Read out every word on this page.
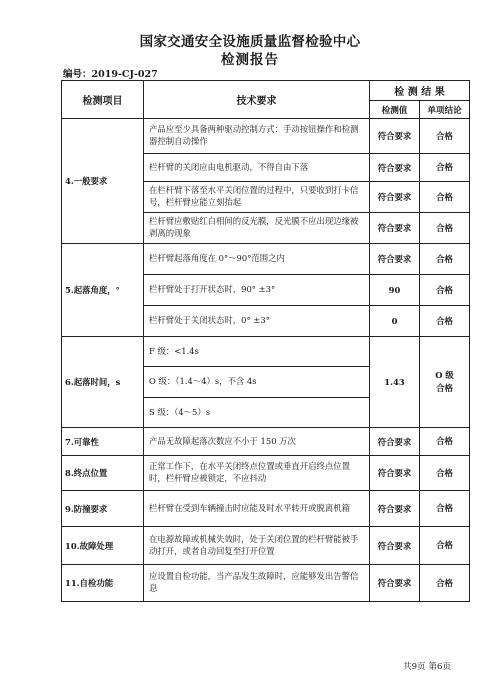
国家交通安全设施质量监督检验中心
检测报告
编号：2019-CJ-027
检测项目	技术要求	检 测 结 果	
		检测值	单项结论
4.一般要求	产品应至少具备两种驱动控制方式：手动按钮操作和检测器控制自动操作	符合要求	合格
	栏杆臂的关闭应由电机驱动，不得自由下落	符合要求	合格
	在栏杆臂下落至水平关闭位置的过程中，只要收到打卡信号，栏杆臂应能立刻抬起	符合要求	合格
	栏杆臂应敷贴红白相间的反光膜，反光膜不应出现边缘被剥离的现象	符合要求	合格
5.起落角度，°	栏杆臂起落角度在 0°～90°范围之内	符合要求	合格
	栏杆臂处于打开状态时，90° ±3°	90	合格
	栏杆臂处于关闭状态时，0° ±3°	0	合格
6.起落时间，s	F 级：<1.4s	1.43	O 级
合格

	O 级：（1.4～4）s，不含 4s		
	S 级：（4～5）s		
7.可靠性	产品无故障起落次数应不小于 150 万次	符合要求	合格
8.终点位置	正常工作下，在水平关闭终点位置或垂直开启终点位置时，栏杆臂应被锁定，不应抖动	符合要求	合格
9.防撞要求	栏杆臂在受到车辆撞击时应能及时水平转开或脱离机箱	符合要求	合格
10.故障处理	在电源故障或机械失效时，处于关闭位置的栏杆臂能被手动打开，或者自动回复至打开位置	符合要求	合格
11.自检功能	应设置自检功能，当产品发生故障时，应能够发出告警信息	符合要求	合格
共9页 第6页
